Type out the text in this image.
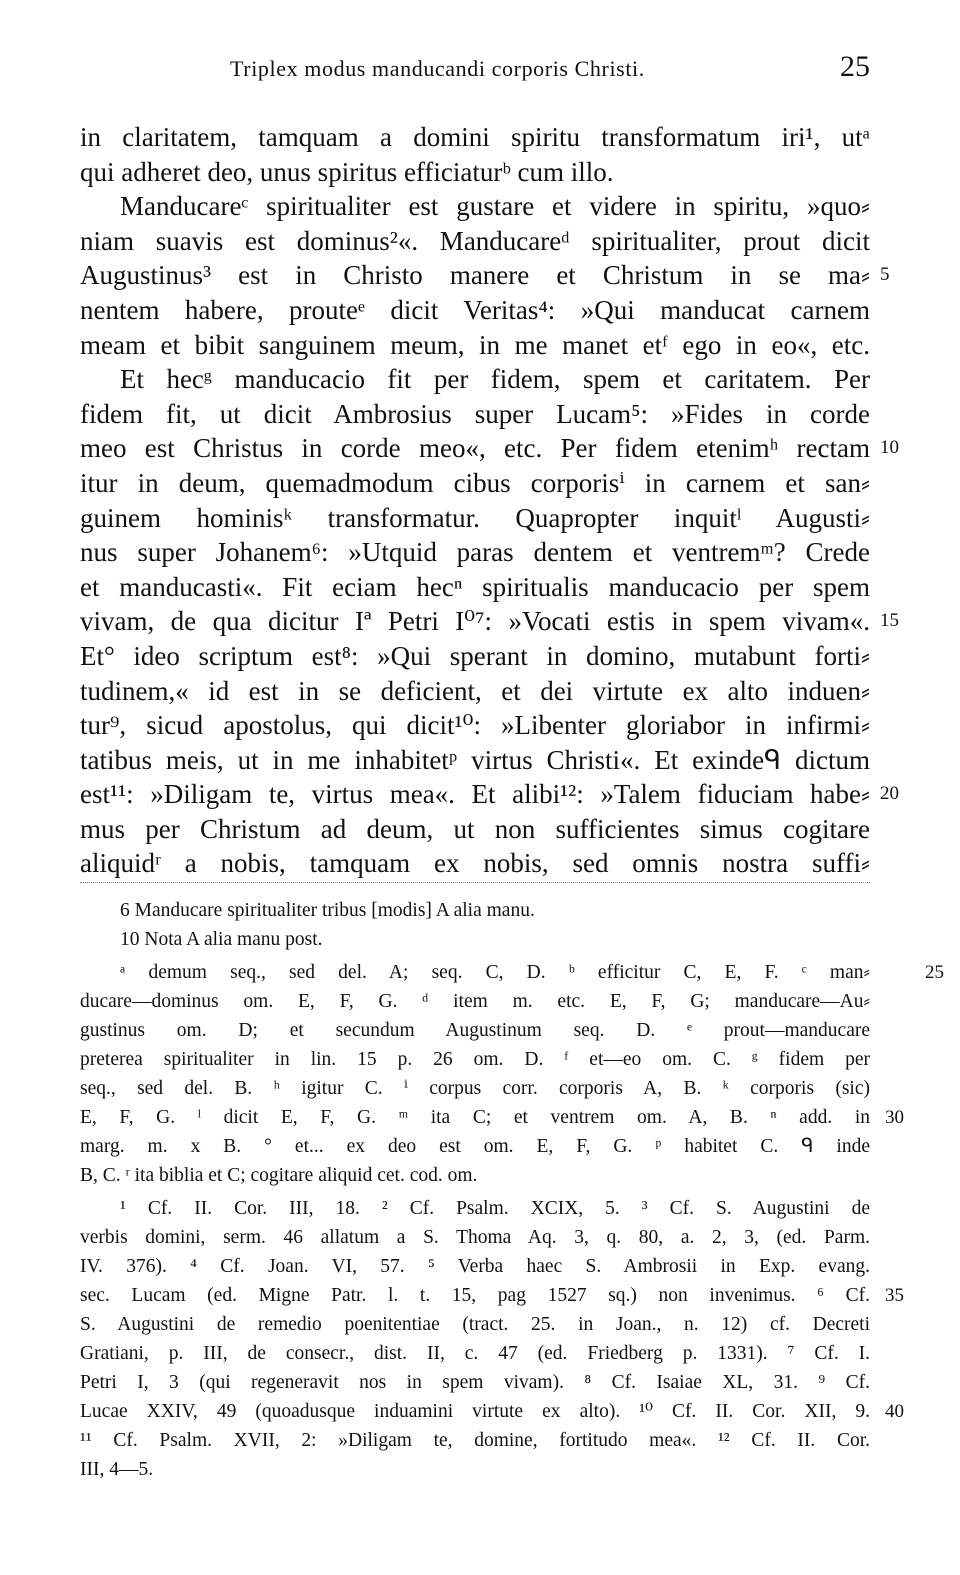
Triplex modus manducandi corporis Christi.	25
in claritatem, tamquam a domini spiritu transformatum iri¹, utᵃ
qui adheret deo, unus spiritus efficiaturᵇ cum illo.
Manducareᶜ spiritualiter est gustare et videre in spiritu, »quo⸗
niam suavis est dominus²«. Manducareᵈ spiritualiter, prout dicit
Augustinus³ est in Christo manere et Christum in se ma⸗ 5
nentem habere, prouteᵉ dicit Veritas⁴: »Qui manducat carnem
meam et bibit sanguinem meum, in me manet etᶠ ego in eo«, etc.
Et hecᵍ manducacio fit per fidem, spem et caritatem. Per
fidem fit, ut dicit Ambrosius super Lucam⁵: »Fides in corde
meo est Christus in corde meo«, etc. Per fidem etenimʰ rectam 10
itur in deum, quemadmodum cibus corporisⁱ in carnem et san⸗
guinem hominisᵏ transformatur. Quapropter inquitˡ Augusti⸗
nus super Johanem⁶: »Utquid paras dentem et ventremᵐ? Crede
et manducasti«. Fit eciam hecⁿ spiritualis manducacio per spem
vivam, de qua dicitur Iª Petri I⁰⁷: »Vocati estis in spem vivam«. 15
Et° ideo scriptum est⁸: »Qui sperant in domino, mutabunt forti⸗
tudinem,« id est in se deficient, et dei virtute ex alto induen⸗
tur⁹, sicud apostolus, qui dicit¹⁰: »Libenter gloriabor in infirmi⸗
tatibus meis, ut in me inhabitetᵖ virtus Christi«. Et exindeᑫ dictum
est¹¹: »Diligam te, virtus mea«. Et alibi¹²: »Talem fiduciam habe⸗ 20
mus per Christum ad deum, ut non sufficientes simus cogitare
aliquidʳ a nobis, tamquam ex nobis, sed omnis nostra suffi⸗
6 Manducare spiritualiter tribus [modis] A alia manu.
10 Nota A alia manu post.
ᵃ demum seq., sed del. A; seq. C, D. ᵇ efficitur C, E, F. ᶜ man⸗	25
ducare—dominus om. E, F, G. ᵈ item m. etc. E, F, G; manducare—Au⸗
gustinus om. D; et secundum Augustinum seq. D. ᵉ prout—manducare
preterea spiritualiter in lin. 15 p. 26 om. D. ᶠ et—eo om. C. ᵍ fidem per
seq., sed del. B. ʰ igitur C. ⁱ corpus corr. corporis A, B. ᵏ corporis (sic)
E, F, G. ˡ dicit E, F, G. ᵐ ita C; et ventrem om. A, B. ⁿ add. in 30
marg. m. x B. ° et... ex deo est om. E, F, G. ᵖ habitet C. ᑫ inde
B, C. ʳ ita biblia et C; cogitare aliquid cet. cod. om.
¹ Cf. II. Cor. III, 18. ² Cf. Psalm. XCIX, 5. ³ Cf. S. Augustini de
verbis domini, serm. 46 allatum a S. Thoma Aq. 3, q. 80, a. 2, 3, (ed. Parm.
IV. 376). ⁴ Cf. Joan. VI, 57. ⁵ Verba haec S. Ambrosii in Exp. evang.
sec. Lucam (ed. Migne Patr. l. t. 15, pag 1527 sq.) non invenimus. ⁶ Cf. 35
S. Augustini de remedio poenitentiae (tract. 25. in Joan., n. 12) cf. Decreti
Gratiani, p. III, de consecr., dist. II, c. 47 (ed. Friedberg p. 1331). ⁷ Cf. I.
Petri I, 3 (qui regeneravit nos in spem vivam). ⁸ Cf. Isaiae XL, 31. ⁹ Cf.
Lucae XXIV, 49 (quoadusque induamini virtute ex alto). ¹⁰ Cf. II. Cor. XII, 9. 40
¹¹ Cf. Psalm. XVII, 2: »Diligam te, domine, fortitudo mea«. ¹² Cf. II. Cor.
III, 4—5.
